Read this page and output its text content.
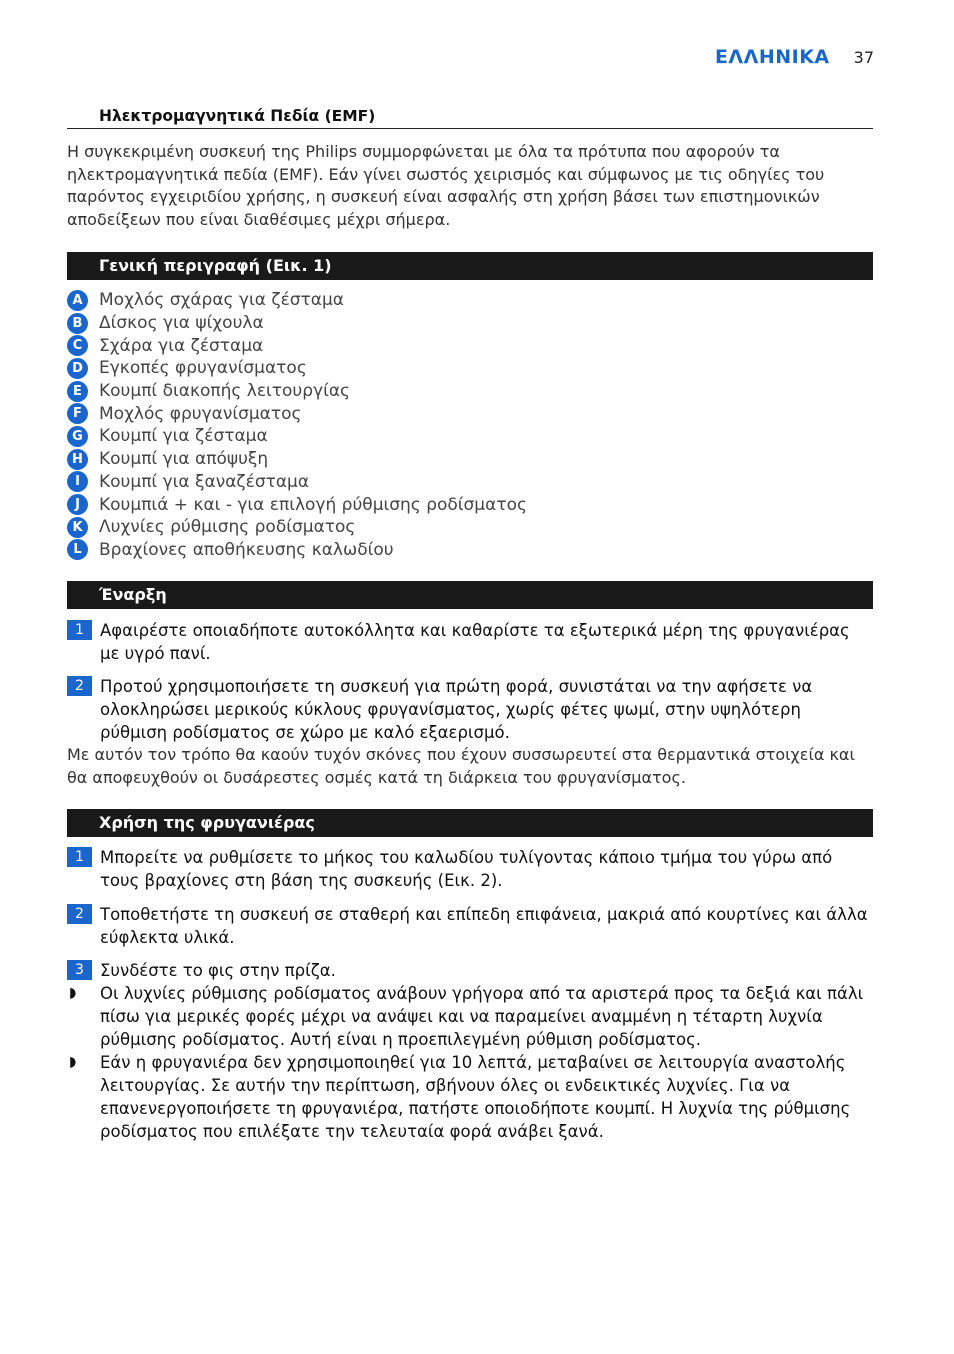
ΕΛΛΗΝΙΚΑ 37
Ηλεκτρομαγνητικά Πεδία (EMF)

Η συγκεκριμένη συσκευή της Philips συμμορφώνεται με όλα τα πρότυπα που αφορούν τα ηλεκτρομαγνητικά πεδία (EMF). Εάν γίνει σωστός χειρισμός και σύμφωνος με τις οδηγίες του παρόντος εγχειριδίου χρήσης, η συσκευή είναι ασφαλής στη χρήση βάσει των επιστημονικών αποδείξεων που είναι διαθέσιμες μέχρι σήμερα.

Γενική περιγραφή (Εικ. 1)
A Μοχλός σχάρας για ζέσταμα
B Δίσκος για ψίχουλα
C Σχάρα για ζέσταμα
D Εγκοπές φρυγανίσματος
E	Κουμπί διακοπής λειτουργίας
F	Μοχλός φρυγανίσματος
G Κουμπί για ζέσταμα
H Κουμπί για απόψυξη
I	Κουμπί για ξαναζέσταμα
J	Κουμπιά + και - για επιλογή ρύθμισης ροδίσματος
K Λυχνίες ρύθμισης ροδίσματος
L	Βραχίονες αποθήκευσης καλωδίου
Έναρξη
1 Αφαιρέστε οποιαδήποτε αυτοκόλλητα και καθαρίστε τα εξωτερικά μέρη της φρυγανιέρας με υγρό πανί.
2 Προτού χρησιμοποιήσετε τη συσκευή για πρώτη φορά, συνιστάται να την αφήσετε να ολοκληρώσει μερικούς κύκλους φρυγανίσματος, χωρίς φέτες ψωμί, στην υψηλότερη ρύθμιση ροδίσματος σε χώρο με καλό εξαερισμό.

Με αυτόν τον τρόπο θα καούν τυχόν σκόνες που έχουν συσσωρευτεί στα θερμαντικά στοιχεία και θα αποφευχθούν οι δυσάρεστες οσμές κατά τη διάρκεια του φρυγανίσματος.

Χρήση της φρυγανιέρας
1 Μπορείτε να ρυθμίσετε το μήκος του καλωδίου τυλίγοντας κάποιο τμήμα του γύρω από τους βραχίονες στη βάση της συσκευής (Εικ. 2).
2 Τοποθετήστε τη συσκευή σε σταθερή και επίπεδη επιφάνεια, μακριά από κουρτίνες και άλλα εύφλεκτα υλικά.
3 Συνδέστε το φις στην πρίζα.
◗	Οι λυχνίες ρύθμισης ροδίσματος ανάβουν γρήγορα από τα αριστερά προς τα δεξιά και πάλι πίσω για μερικές φορές μέχρι να ανάψει και να παραμείνει αναμμένη η τέταρτη λυχνία ρύθμισης ροδίσματος. Αυτή είναι η προεπιλεγμένη ρύθμιση ροδίσματος.
◗	Εάν η φρυγανιέρα δεν χρησιμοποιηθεί για 10 λεπτά, μεταβαίνει σε λειτουργία αναστολής λειτουργίας. Σε αυτήν την περίπτωση, σβήνουν όλες οι ενδεικτικές λυχνίες. Για να επανενεργοποιήσετε τη φρυγανιέρα, πατήστε οποιοδήποτε κουμπί. Η λυχνία της ρύθμισης ροδίσματος που επιλέξατε την τελευταία φορά ανάβει ξανά.
